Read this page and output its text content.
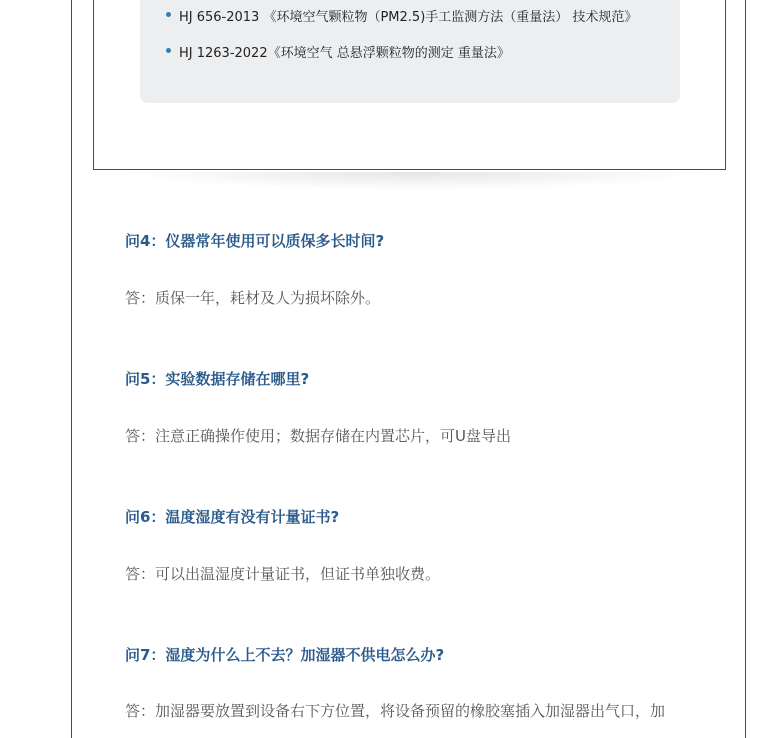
HJ 656-2013 《环境空气颗粒物（PM2.5)手工监测方法（重量法） 技术规范》
HJ 1263-2022《环境空气 总悬浮颗粒物的测定 重量法》
问4：仪器常年使用可以质保多长时间?
答：质保一年，耗材及人为损坏除外。
问5：实验数据存储在哪里?
答：注意正确操作使用；数据存储在内置芯片，可U盘导出
问6：温度湿度有没有计量证书?
答：可以出温湿度计量证书，但证书单独收费。
问7：湿度为什么上不去？加湿器不供电怎么办?
答：加湿器要放置到设备右下方位置，将设备预留的橡胶塞插入加湿器出气口，加
